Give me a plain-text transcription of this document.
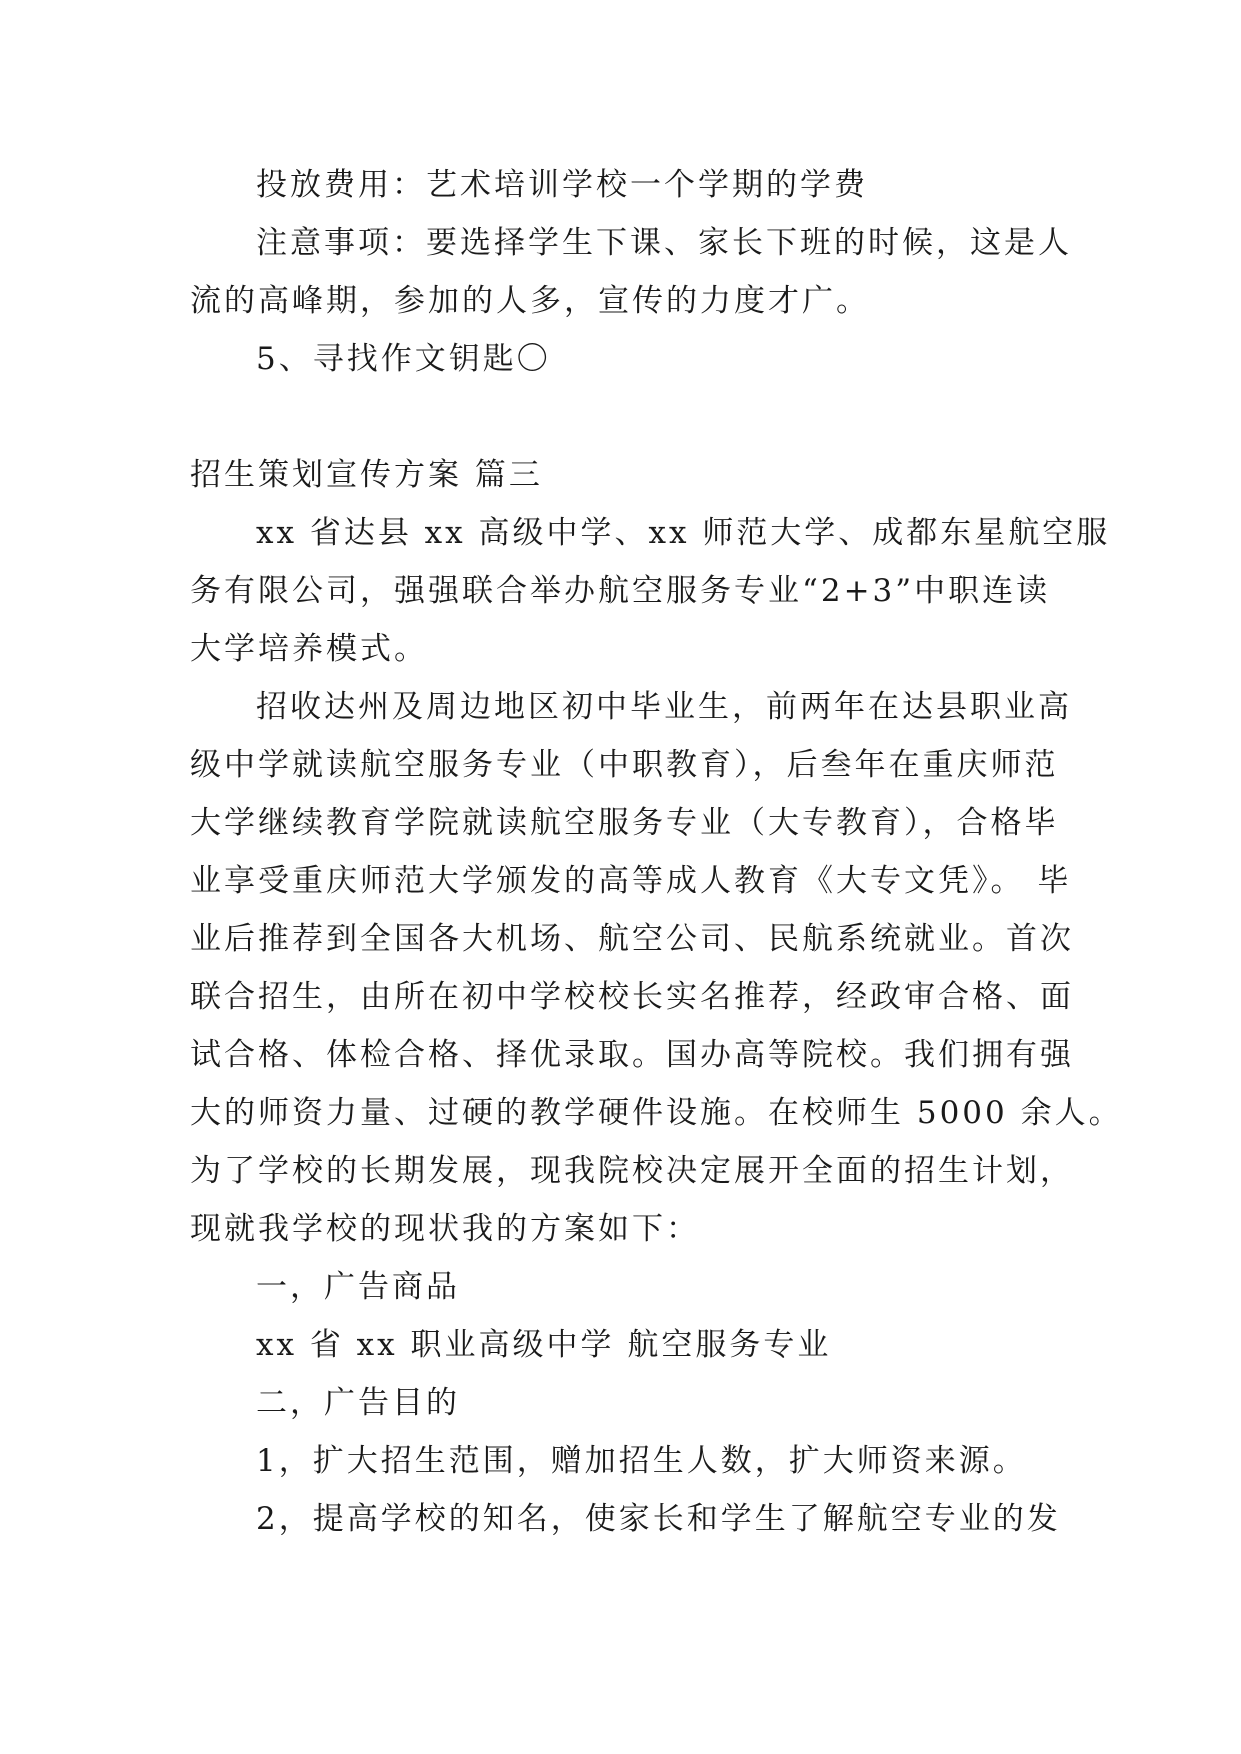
投放费用：艺术培训学校一个学期的学费
注意事项：要选择学生下课、家长下班的时候，这是人
流的高峰期，参加的人多，宣传的力度才广。
5、寻找作文钥匙〇
招生策划宣传方案 篇三
xx 省达县 xx 高级中学、xx 师范大学、成都东星航空服
务有限公司，强强联合举办航空服务专业“2+3”中职连读
大学培养模式。
招收达州及周边地区初中毕业生，前两年在达县职业高
级中学就读航空服务专业（中职教育），后叁年在重庆师范
大学继续教育学院就读航空服务专业（大专教育），合格毕
业享受重庆师范大学颁发的高等成人教育《大专文凭》。 毕
业后推荐到全国各大机场、航空公司、民航系统就业。首次
联合招生，由所在初中学校校长实名推荐，经政审合格、面
试合格、体检合格、择优录取。国办高等院校。我们拥有强
大的师资力量、过硬的教学硬件设施。在校师生 5000 余人。
为了学校的长期发展，现我院校决定展开全面的招生计划，
现就我学校的现状我的方案如下：
一，广告商品
xx 省 xx 职业高级中学 航空服务专业
二，广告目的
1，扩大招生范围，赠加招生人数，扩大师资来源。
2，提高学校的知名，使家长和学生了解航空专业的发
